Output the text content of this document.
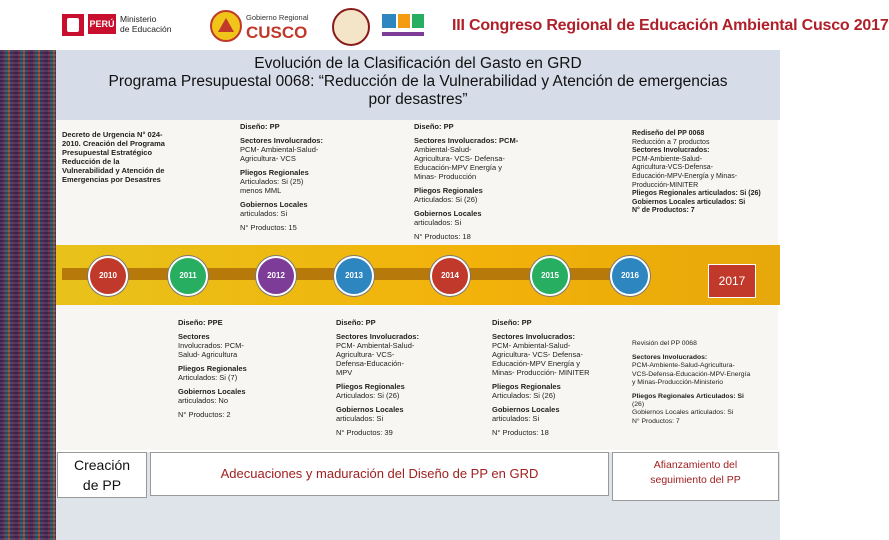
PERÚ Ministerio
de Educación
Gobierno Regional
CUSCO	III Congreso Regional de Educación Ambiental Cusco 2017
Evolución de la Clasificación del Gasto en GRD
Programa Presupuestal 0068: “Reducción de la Vulnerabilidad y Atención de emergencias
por desastres”
Decreto de Urgencia N° 024-
2010. Creación del Programa
Presupuestal Estratégico
Reducción de la
Vulnerabilidad y Atención de
Emergencias por Desastres
Diseño: PP
Sectores Involucrados:
PCM- Ambiental-Salud-
Agricultura- VCS
Pliegos Regionales
Articulados: Si (25)
menos MML
Gobiernos Locales
articulados: Si
N° Productos: 15
Diseño: PP
Sectores Involucrados: PCM-
Ambiental-Salud-
Agricultura- VCS- Defensa-
Educación-MPV Energía y
Minas- Producción
Pliegos Regionales
Articulados: Si (26)
Gobiernos Locales
articulados: Si
N° Productos: 18
Rediseño del PP 0068
Reducción a 7 productos
Sectores Involucrados:
PCM-Ambiente-Salud-
Agricultura-VCS-Defensa-
Educación-MPV-Energía y Minas-
Producción-MINITER
Pliegos Regionales articulados: Si (26)
Gobiernos Locales articulados: Si
N° de Productos: 7
2010	2011	2012	2013	2014	2015	2016	2017
Diseño: PPE
Sectores
Involucrados: PCM-
Salud- Agricultura
Pliegos Regionales
Articulados: Si (7)
Gobiernos Locales
articulados: No
N° Productos: 2
Diseño: PP
Sectores Involucrados:
PCM- Ambiental-Salud-
Agricultura- VCS-
Defensa-Educación-
MPV
Pliegos Regionales
Articulados: Si (26)
Gobiernos Locales
articulados: Si
N° Productos: 39
Diseño: PP
Sectores Involucrados:
PCM- Ambiental-Salud-
Agricultura- VCS- Defensa-
Educación-MPV Energía y
Minas- Producción- MINITER
Pliegos Regionales
Articulados: Si (26)
Gobiernos Locales
articulados: Si
N° Productos: 18
Revisión del PP 0068
Sectores Involucrados:
PCM-Ambiente-Salud-Agricultura-
VCS-Defensa-Educación-MPV-Energía
y Minas-Producción-Ministerio
Pliegos Regionales Articulados: Si
(26)
Gobiernos Locales articulados: Si
N° Productos: 7
Creación
de PP
Adecuaciones y maduración del Diseño de PP en GRD
Afianzamiento del
seguimiento del PP
